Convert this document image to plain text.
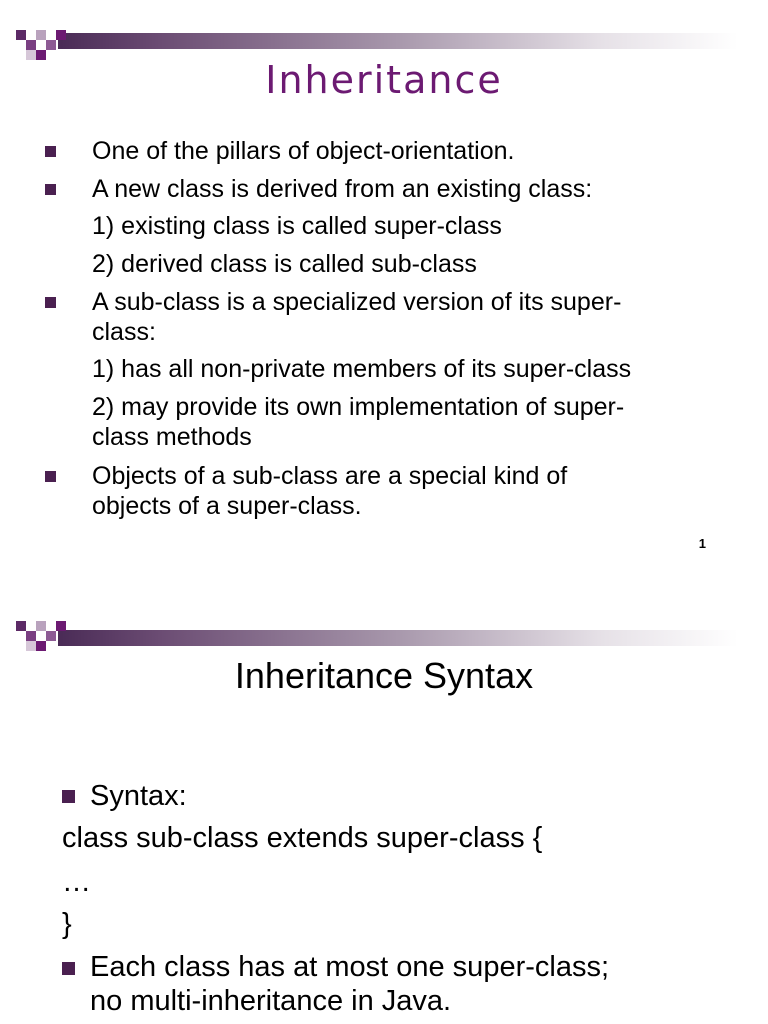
Inheritance
One of the pillars of object-orientation.
A new class is derived from an existing class:
1) existing class is called super-class
2) derived class is called sub-class
A sub-class is a specialized version of its super-
class:
1) has all non-private members of its super-class
2) may provide its own implementation of super-
class methods
Objects of a sub-class are a special kind of
objects of a super-class.
1
Inheritance Syntax
Syntax:
class sub-class extends super-class {
…
}
Each class has at most one super-class;
no multi-inheritance in Java.
